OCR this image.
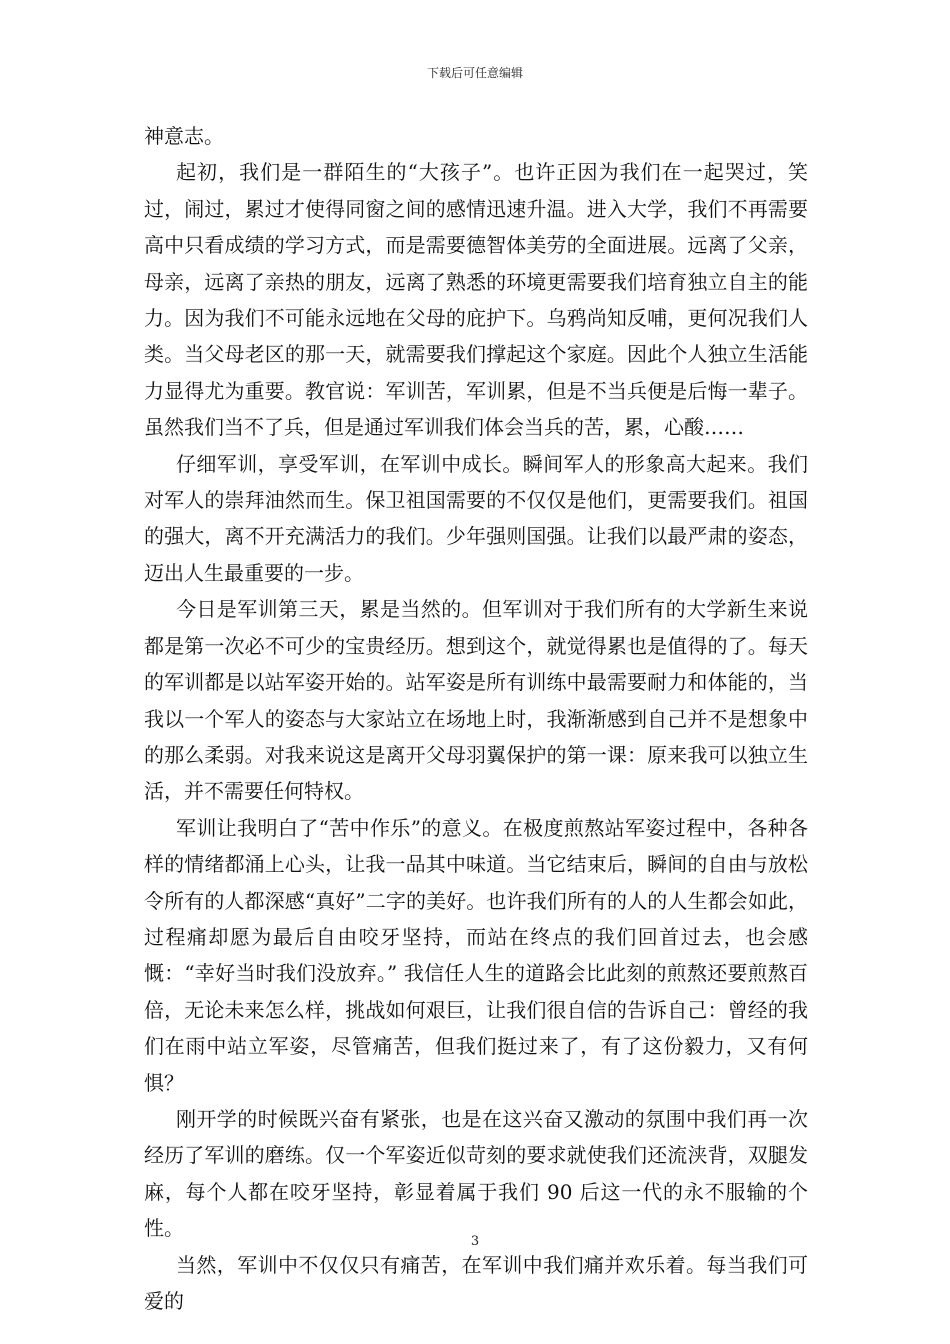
下载后可任意编辑

神意志。

起初，我们是一群陌生的“大孩子”。也许正因为我们在一起哭过，笑过，闹过，累过才使得同窗之间的感情迅速升温。进入大学，我们不再需要高中只看成绩的学习方式，而是需要德智体美劳的全面进展。远离了父亲，母亲，远离了亲热的朋友，远离了熟悉的环境更需要我们培育独立自主的能力。因为我们不可能永远地在父母的庇护下。乌鸦尚知反哺，更何况我们人类。当父母老区的那一天，就需要我们撑起这个家庭。因此个人独立生活能力显得尤为重要。教官说：军训苦，军训累，但是不当兵便是后悔一辈子。虽然我们当不了兵，但是通过军训我们体会当兵的苦，累，心酸……

仔细军训，享受军训，在军训中成长。瞬间军人的形象高大起来。我们对军人的崇拜油然而生。保卫祖国需要的不仅仅是他们，更需要我们。祖国的强大，离不开充满活力的我们。少年强则国强。让我们以最严肃的姿态，迈出人生最重要的一步。

今日是军训第三天，累是当然的。但军训对于我们所有的大学新生来说都是第一次必不可少的宝贵经历。想到这个，就觉得累也是值得的了。每天的军训都是以站军姿开始的。站军姿是所有训练中最需要耐力和体能的，当我以一个军人的姿态与大家站立在场地上时，我渐渐感到自己并不是想象中的那么柔弱。对我来说这是离开父母羽翼保护的第一课：原来我可以独立生活，并不需要任何特权。

军训让我明白了“苦中作乐”的意义。在极度煎熬站军姿过程中，各种各样的情绪都涌上心头，让我一品其中味道。当它结束后，瞬间的自由与放松令所有的人都深感“真好”二字的美好。也许我们所有的人的人生都会如此，过程痛却愿为最后自由咬牙坚持，而站在终点的我们回首过去，也会感慨：“幸好当时我们没放弃。” 我信任人生的道路会比此刻的煎熬还要煎熬百倍，无论未来怎么样，挑战如何艰巨，让我们很自信的告诉自己：曾经的我们在雨中站立军姿，尽管痛苦，但我们挺过来了，有了这份毅力，又有何惧？

刚开学的时候既兴奋有紧张，也是在这兴奋又激动的氛围中我们再一次经历了军训的磨练。仅一个军姿近似苛刻的要求就使我们还流浃背，双腿发麻，每个人都在咬牙坚持，彰显着属于我们 90 后这一代的永不服输的个性。

当然，军训中不仅仅只有痛苦，在军训中我们痛并欢乐着。每当我们可爱的

3
